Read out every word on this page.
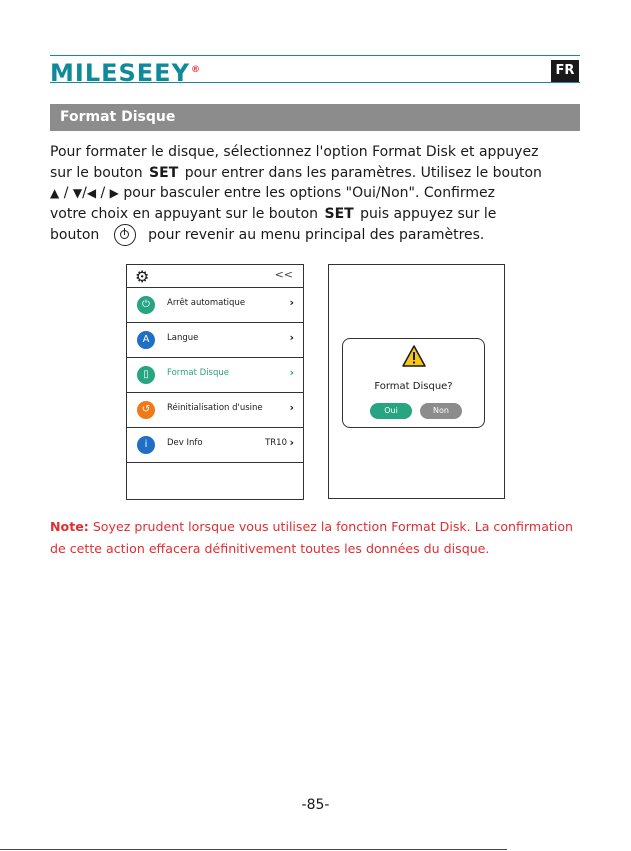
MILESEEY®	FR
Format Disque
Pour formater le disque, sélectionnez l'option Format Disk et appuyez
sur le bouton SET pour entrer dans les paramètres. Utilisez le bouton
▲ / ▼/◀ / ▶ pour basculer entre les options "Oui/Non". Confirmez
votre choix en appuyant sur le bouton SET puis appuyez sur le
bouton	pour revenir au menu principal des paramètres.
⚙	<<
⏻	Arrêt automatique	›
A	Langue	›
▯	Format Disque	›
↺	Réinitialisation d'usine ›
i	Dev Info	TR10 ›
Format Disque?
Oui	Non
Note: Soyez prudent lorsque vous utilisez la fonction Format Disk. La confirmation
de cette action effacera définitivement toutes les données du disque.
-85-
